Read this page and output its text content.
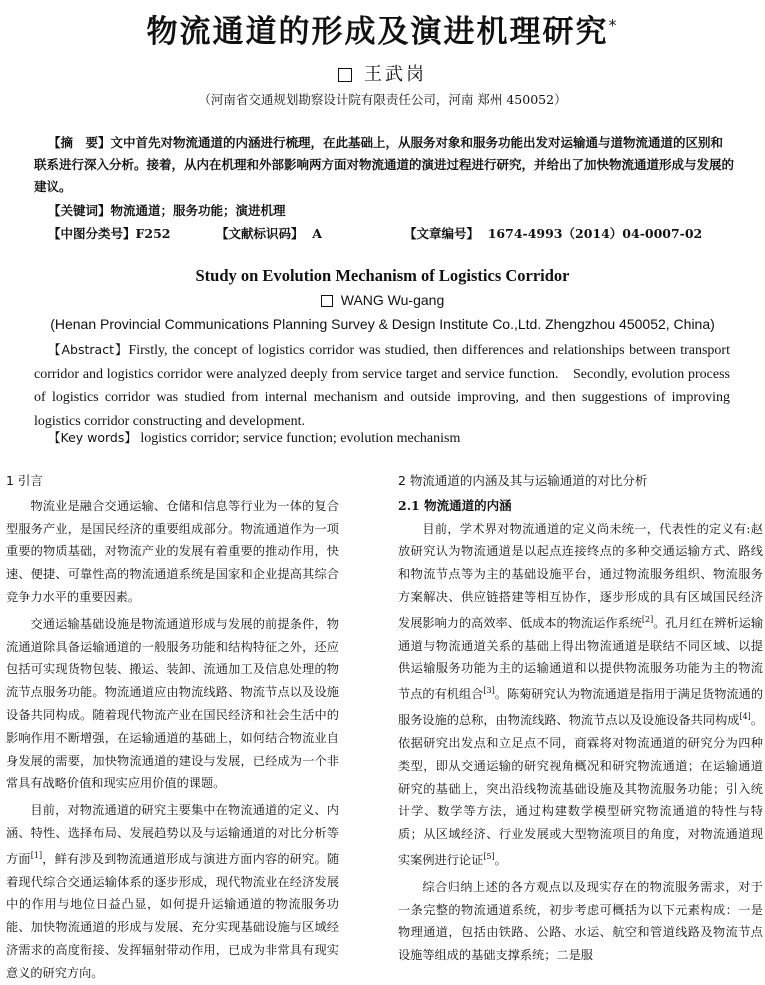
物流通道的形成及演进机理研究*
王武岗
（河南省交通规划勘察设计院有限责任公司，河南 郑州 450052）
【摘　要】文中首先对物流通道的内涵进行梳理，在此基础上，从服务对象和服务功能出发对运输通与道物流通道的区别和联系进行深入分析。接着，从内在机理和外部影响两方面对物流通道的演进过程进行研究，并给出了加快物流通道形成与发展的建议。
【关键词】物流通道；服务功能；演进机理
【中图分类号】F252	【文献标识码】 A	【文章编号】 1674-4993（2014）04-0007-02
Study on Evolution Mechanism of Logistics Corridor
WANG Wu-gang
(Henan Provincial Communications Planning Survey & Design Institute Co.,Ltd. Zhengzhou 450052, China)
【Abstract】Firstly, the concept of logistics corridor was studied, then differences and relationships between transport corridor and logistics corridor were analyzed deeply from service target and service function.　Secondly, evolution process of logistics corridor was studied from internal mechanism and outside improving, and then suggestions of improving logistics corridor constructing and development.
【Key words】 logistics corridor; service function; evolution mechanism
1 引言

物流业是融合交通运输、仓储和信息等行业为一体的复合型服务产业，是国民经济的重要组成部分。物流通道作为一项重要的物质基础，对物流产业的发展有着重要的推动作用，快速、便捷、可靠性高的物流通道系统是国家和企业提高其综合竞争力水平的重要因素。

交通运输基础设施是物流通道形成与发展的前提条件，物流通道除具备运输通道的一般服务功能和结构特征之外，还应包括可实现货物包装、搬运、装卸、流通加工及信息处理的物流节点服务功能。物流通道应由物流线路、物流节点以及设施设备共同构成。随着现代物流产业在国民经济和社会生活中的影响作用不断增强，在运输通道的基础上，如何结合物流业自身发展的需要，加快物流通道的建设与发展，已经成为一个非常具有战略价值和现实应用价值的课题。

目前，对物流通道的研究主要集中在物流通道的定义、内涵、特性、选择布局、发展趋势以及与运输通道的对比分析等方面[1]，鲜有涉及到物流通道形成与演进方面内容的研究。随着现代综合交通运输体系的逐步形成，现代物流业在经济发展中的作用与地位日益凸显，如何提升运输通道的物流服务功能、加快物流通道的形成与发展、充分实现基础设施与区域经济需求的高度衔接、发挥辐射带动作用，已成为非常具有现实意义的研究方向。

2 物流通道的内涵及其与运输通道的对比分析
2.1 物流通道的内涵

目前，学术界对物流通道的定义尚未统一，代表性的定义有:赵放研究认为物流通道是以起点连接终点的多种交通运输方式、路线和物流节点等为主的基础设施平台，通过物流服务组织、物流服务方案解决、供应链搭建等相互协作，逐步形成的具有区域国民经济发展影响力的高效率、低成本的物流运作系统[2]。孔月红在辨析运输通道与物流通道关系的基础上得出物流通道是联结不同区域、以提供运输服务功能为主的运输通道和以提供物流服务功能为主的物流节点的有机组合[3]。陈菊研究认为物流通道是指用于满足货物流通的服务设施的总称，由物流线路、物流节点以及设施设备共同构成[4]。依据研究出发点和立足点不同，商霖将对物流通道的研究分为四种类型，即从交通运输的研究视角概况和研究物流通道；在运输通道研究的基础上，突出沿线物流基础设施及其物流服务功能；引入统计学、数学等方法，通过构建数学模型研究物流通道的特性与特质；从区域经济、行业发展或大型物流项目的角度，对物流通道现实案例进行论证[5]。

综合归纳上述的各方观点以及现实存在的物流服务需求，对于一条完整的物流通道系统，初步考虑可概括为以下元素构成：一是物理通道，包括由铁路、公路、水运、航空和管道线路及物流节点设施等组成的基础支撑系统；二是服
